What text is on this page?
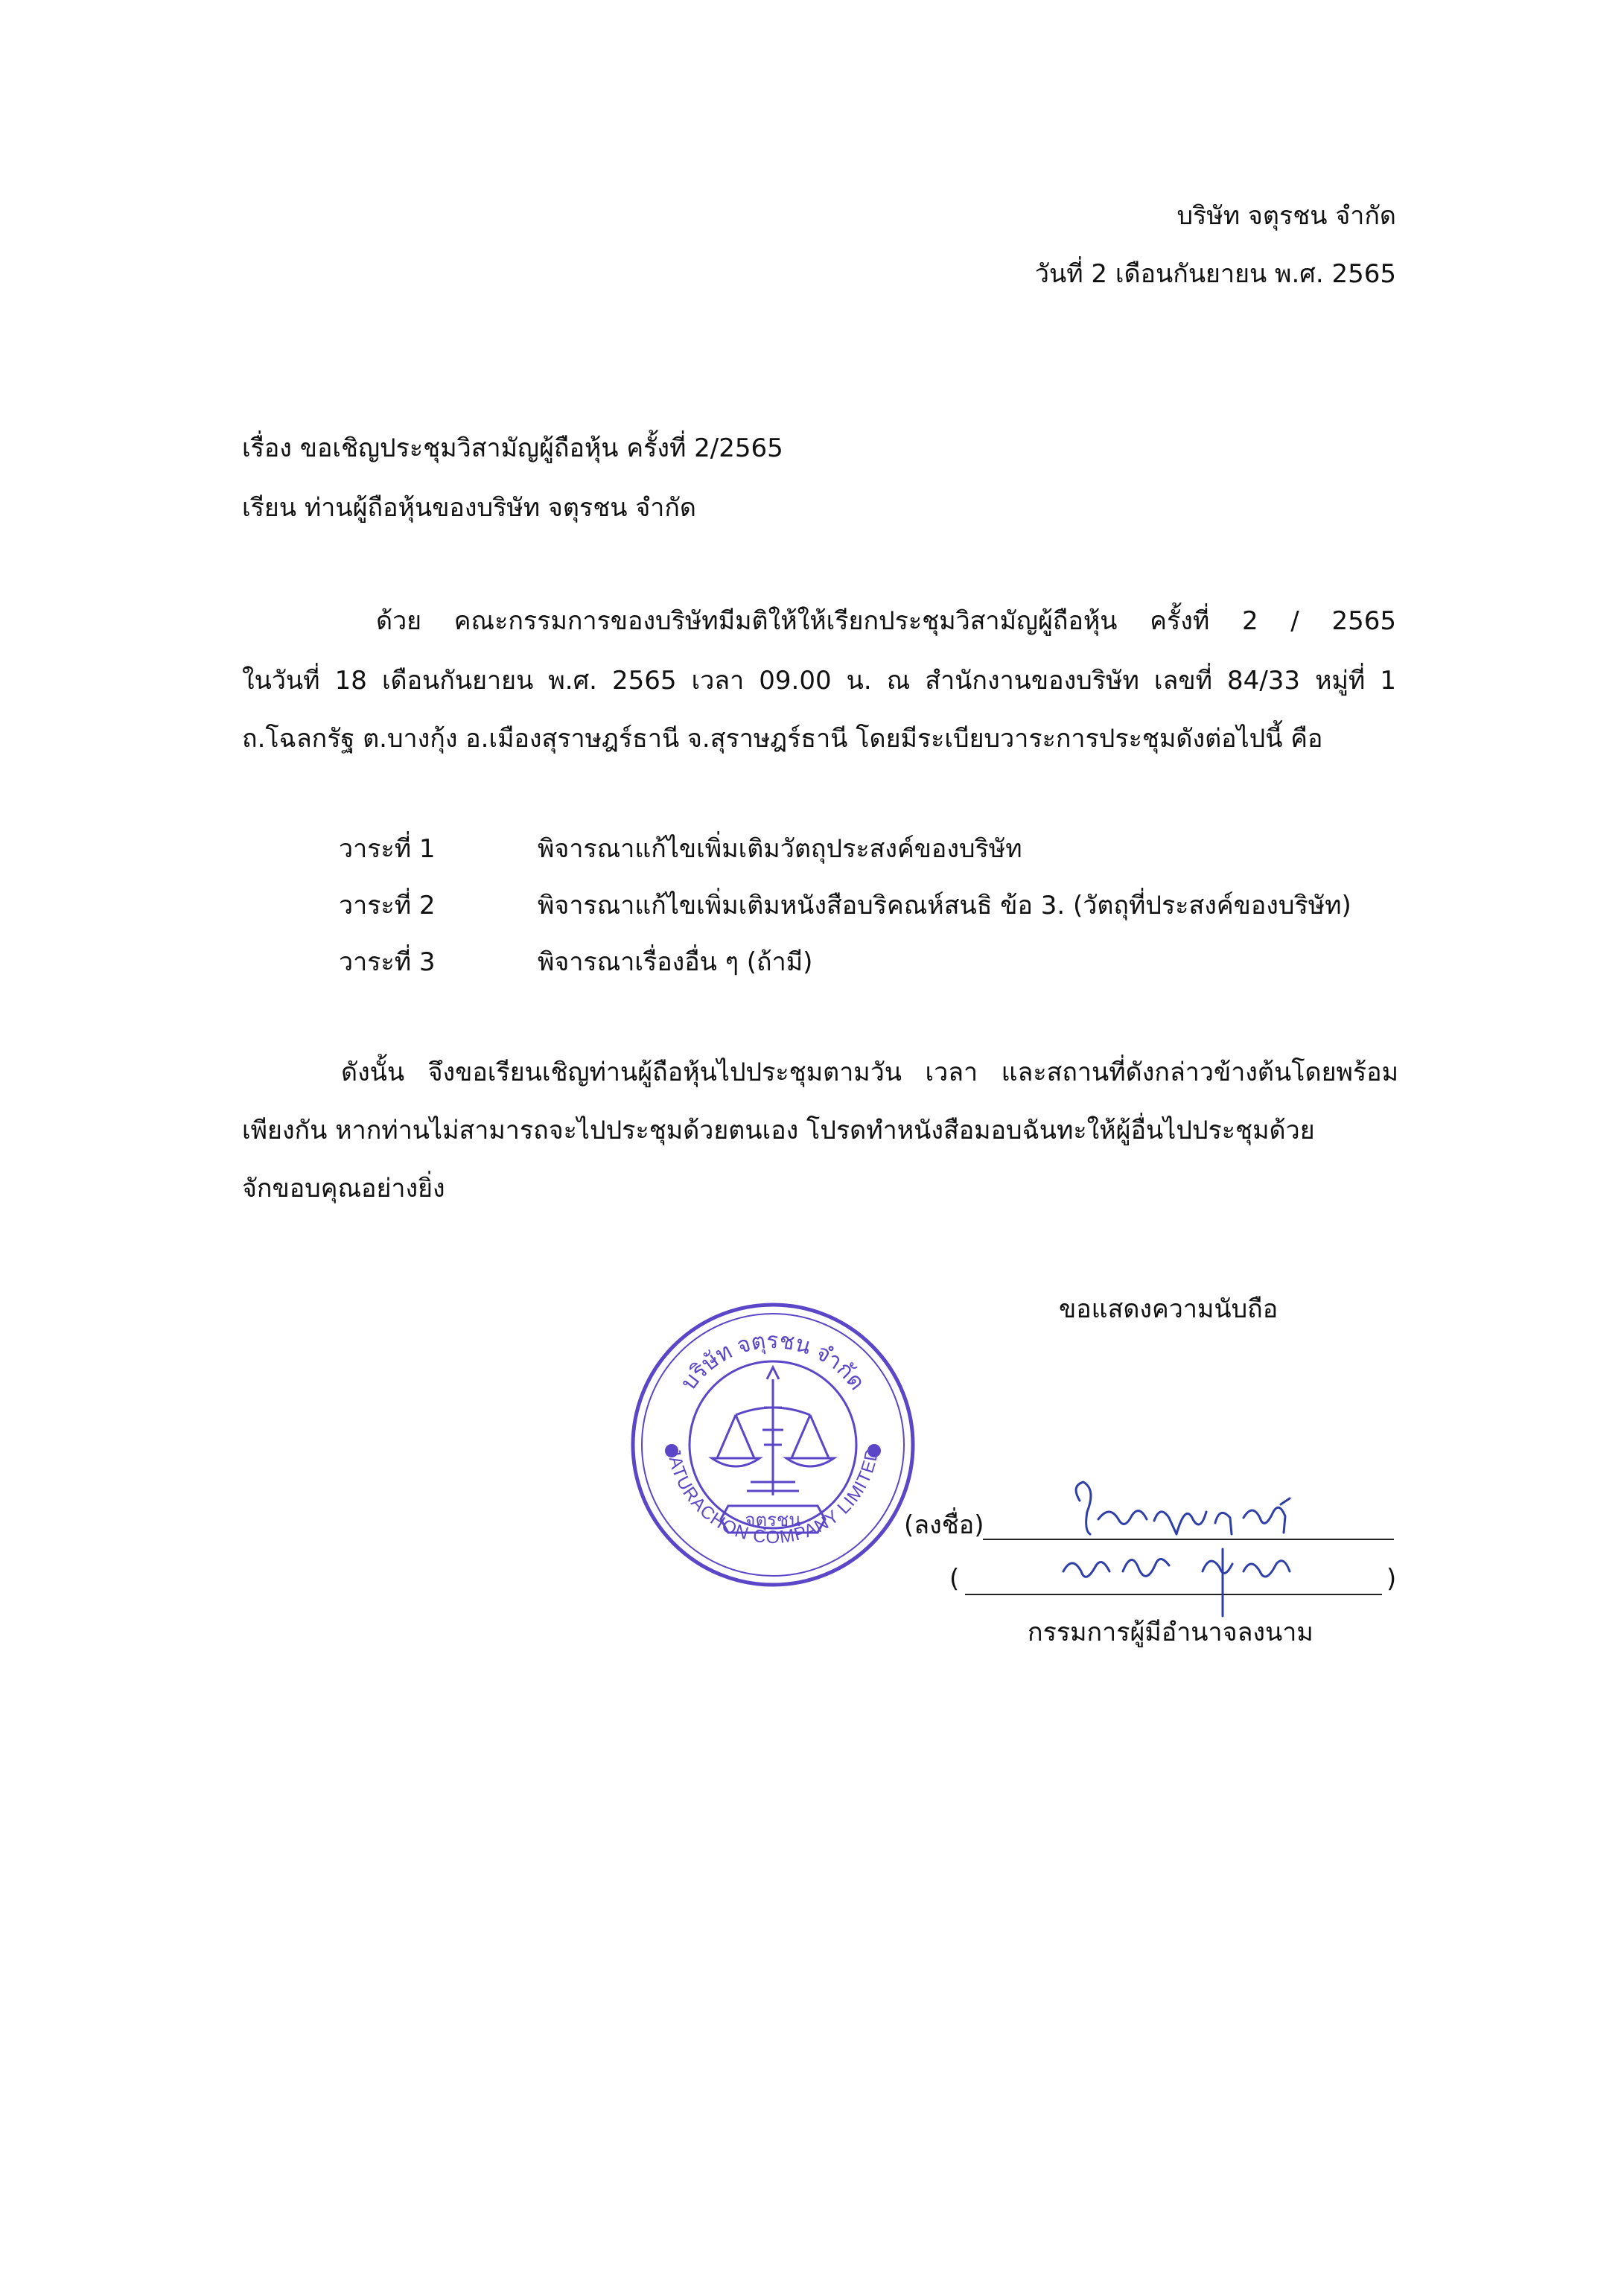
บริษัท จตุรชน จำกัด
วันที่ 2 เดือนกันยายน พ.ศ. 2565
เรื่อง ขอเชิญประชุมวิสามัญผู้ถือหุ้น ครั้งที่ 2/2565
เรียน ท่านผู้ถือหุ้นของบริษัท จตุรชน จำกัด
ด้วย คณะกรรมการของบริษัทมีมติให้ให้เรียกประชุมวิสามัญผู้ถือหุ้น ครั้งที่ 2 / 2565
ในวันที่ 18 เดือนกันยายน พ.ศ. 2565 เวลา 09.00 น. ณ สำนักงานของบริษัท เลขที่ 84/33 หมู่ที่ 1
ถ.โฉลกรัฐ ต.บางกุ้ง อ.เมืองสุราษฎร์ธานี จ.สุราษฎร์ธานี โดยมีระเบียบวาระการประชุมดังต่อไปนี้ คือ
วาระที่ 1	พิจารณาแก้ไขเพิ่มเติมวัตถุประสงค์ของบริษัท
วาระที่ 2	พิจารณาแก้ไขเพิ่มเติมหนังสือบริคณห์สนธิ ข้อ 3. (วัตถุที่ประสงค์ของบริษัท)
วาระที่ 3	พิจารณาเรื่องอื่น ๆ (ถ้ามี)
ดังนั้น จึงขอเรียนเชิญท่านผู้ถือหุ้นไปประชุมตามวัน เวลา และสถานที่ดังกล่าวข้างต้นโดยพร้อม
เพียงกัน หากท่านไม่สามารถจะไปประชุมด้วยตนเอง โปรดทำหนังสือมอบฉันทะให้ผู้อื่นไปประชุมด้วย
จักขอบคุณอย่างยิ่ง
ขอแสดงความนับถือ
บริษัท จตุรชน จำกัด
JATURACHON COMPANY LIMITED
จตุรชน	(ลงชื่อ)
(	)
กรรมการผู้มีอำนาจลงนาม
